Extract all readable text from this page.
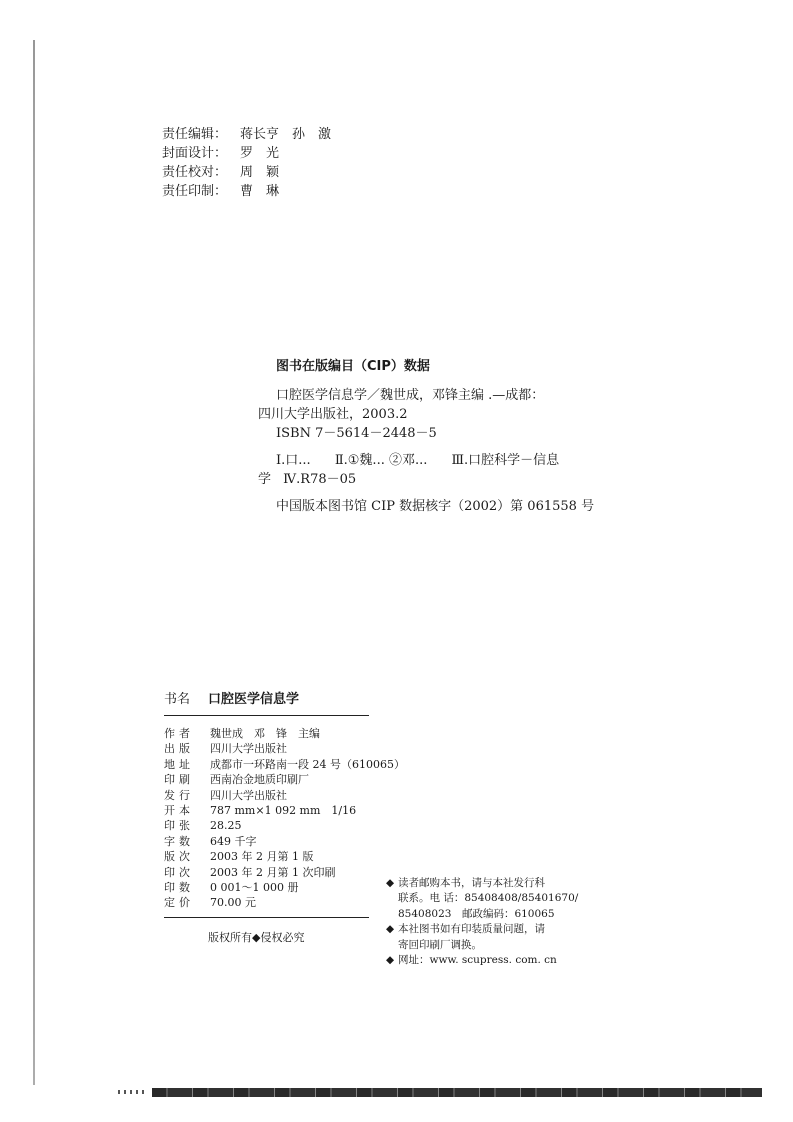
责任编辑： 蒋长亨　孙　激
封面设计： 罗　光
责任校对： 周　颖
责任印制： 曹　琳
图书在版编目（CIP）数据
口腔医学信息学／魏世成，邓锋主编 .—成都：
四川大学出版社，2003.2
ISBN 7－5614－2448－5
Ⅰ.口... Ⅱ.①魏... ②邓... Ⅲ.口腔科学－信息
学 Ⅳ.R78－05
中国版本图书馆 CIP 数据核字（2002）第 061558 号
书名	口腔医学信息学
作者	魏世成　邓　锋　主编
出版	四川大学出版社
地址	成都市一环路南一段 24 号（610065）
印刷	西南冶金地质印刷厂
发行	四川大学出版社
开本	787 mm×1 092 mm　1/16
印张	28.25
字数	649 千字
版次	2003 年 2 月第 1 版
印次	2003 年 2 月第 1 次印刷
印数	0 001～1 000 册
定价	70.00 元
版权所有◆侵权必究
◆ 读者邮购本书，请与本社发行科
联系。电 话：85408408/85401670/
85408023　邮政编码：610065
◆ 本社图书如有印装质量问题，请
寄回印刷厂调换。
◆ 网址：www. scupress. com. cn
